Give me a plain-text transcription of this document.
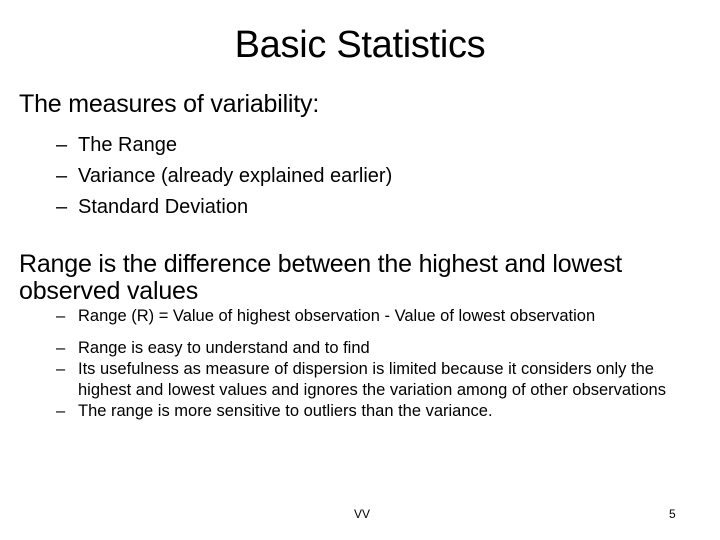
Basic Statistics
The measures of variability:
– The Range
– Variance (already explained earlier)
– Standard Deviation
Range is the difference between the highest and lowest observed values
– Range (R) = Value of highest observation - Value of lowest observation
– Range is easy to understand and to find
– Its usefulness as measure of dispersion is limited because it considers only the highest and lowest values and ignores the variation among of other observations
– The range is more sensitive to outliers than the variance.
VV	5
